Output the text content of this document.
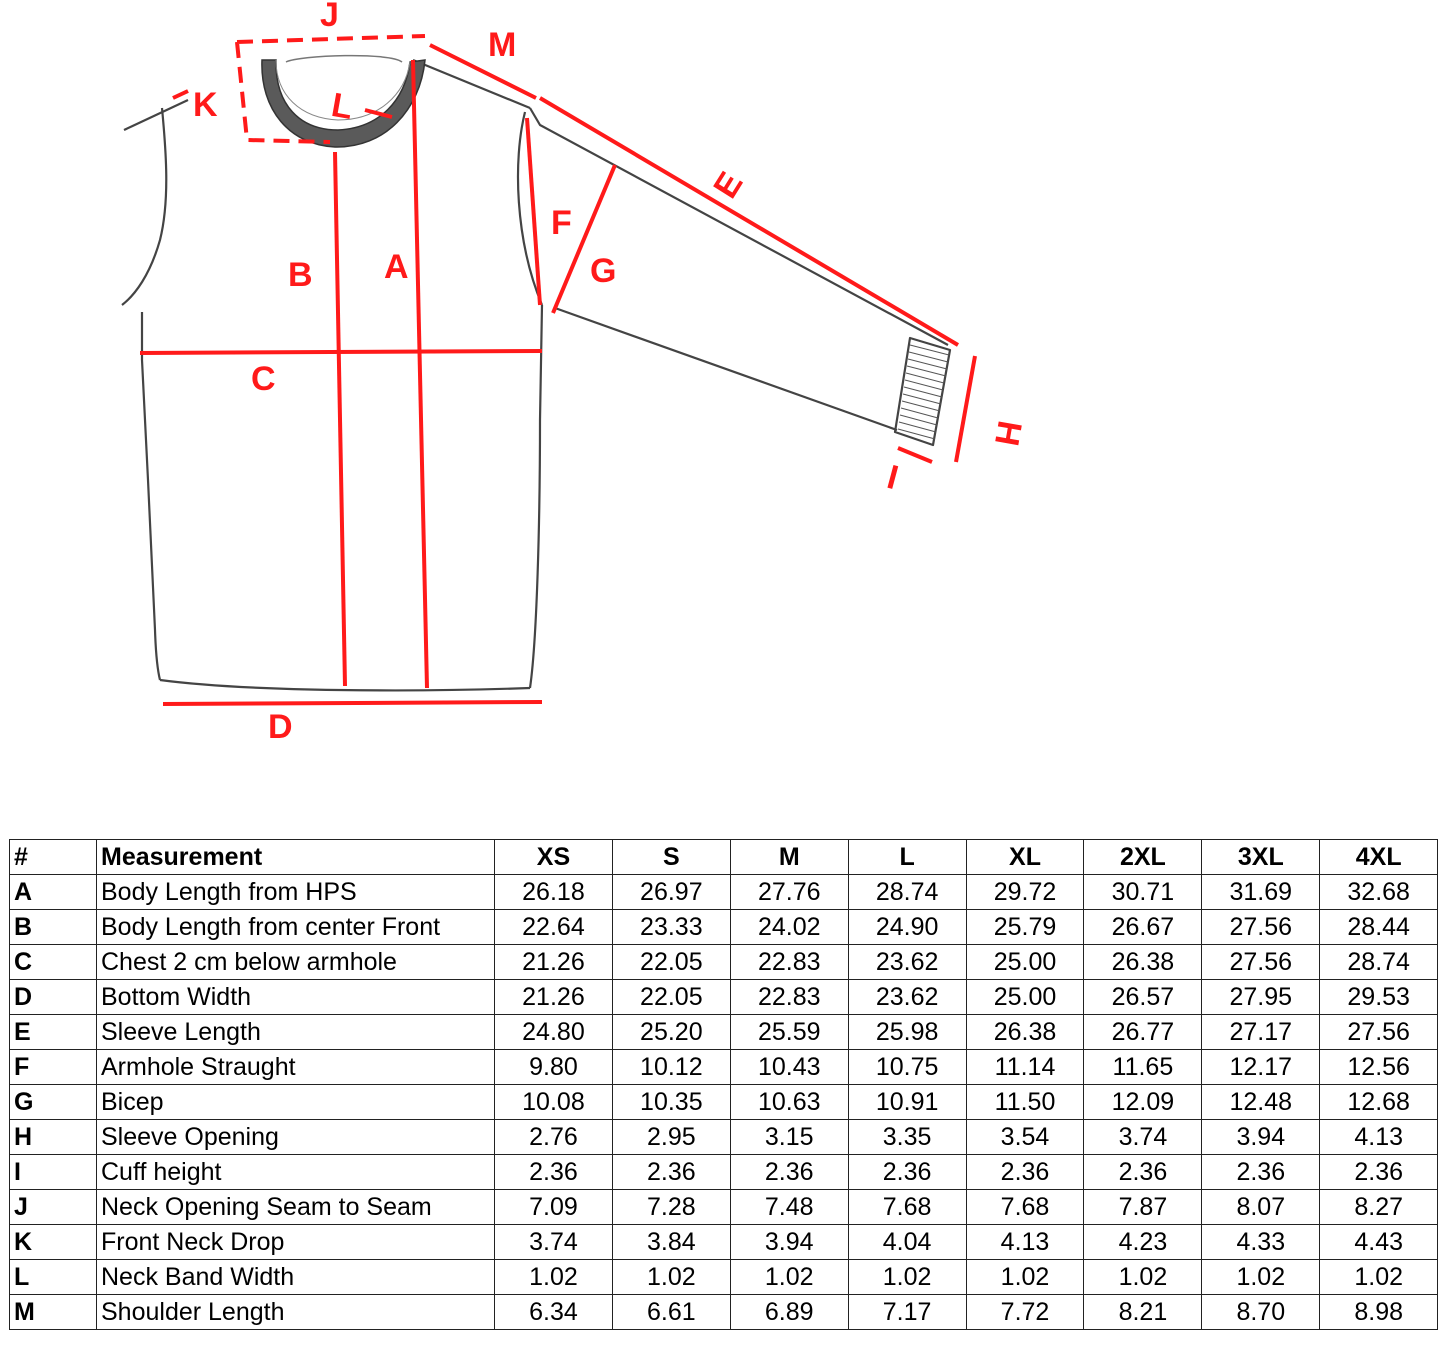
J
M
K	L
E
F
G
B A
C
D
H
I
#	Measurement	XS	S	M	L	XL	2XL	3XL	4XL
A	Body Length from HPS	26.18	26.97	27.76	28.74	29.72	30.71	31.69	32.68
B	Body Length from center Front	22.64	23.33	24.02	24.90	25.79	26.67	27.56	28.44
C	Chest 2 cm below armhole	21.26	22.05	22.83	23.62	25.00	26.38	27.56	28.74
D	Bottom Width	21.26	22.05	22.83	23.62	25.00	26.57	27.95	29.53
E	Sleeve Length	24.80	25.20	25.59	25.98	26.38	26.77	27.17	27.56
F	Armhole Straught	9.80	10.12	10.43	10.75	11.14	11.65	12.17	12.56
G	Bicep	10.08	10.35	10.63	10.91	11.50	12.09	12.48	12.68
H	Sleeve Opening	2.76	2.95	3.15	3.35	3.54	3.74	3.94	4.13
I	Cuff height	2.36	2.36	2.36	2.36	2.36	2.36	2.36	2.36
J	Neck Opening Seam to Seam	7.09	7.28	7.48	7.68	7.68	7.87	8.07	8.27
K	Front Neck Drop	3.74	3.84	3.94	4.04	4.13	4.23	4.33	4.43
L	Neck Band Width	1.02	1.02	1.02	1.02	1.02	1.02	1.02	1.02
M	Shoulder Length	6.34	6.61	6.89	7.17	7.72	8.21	8.70	8.98
